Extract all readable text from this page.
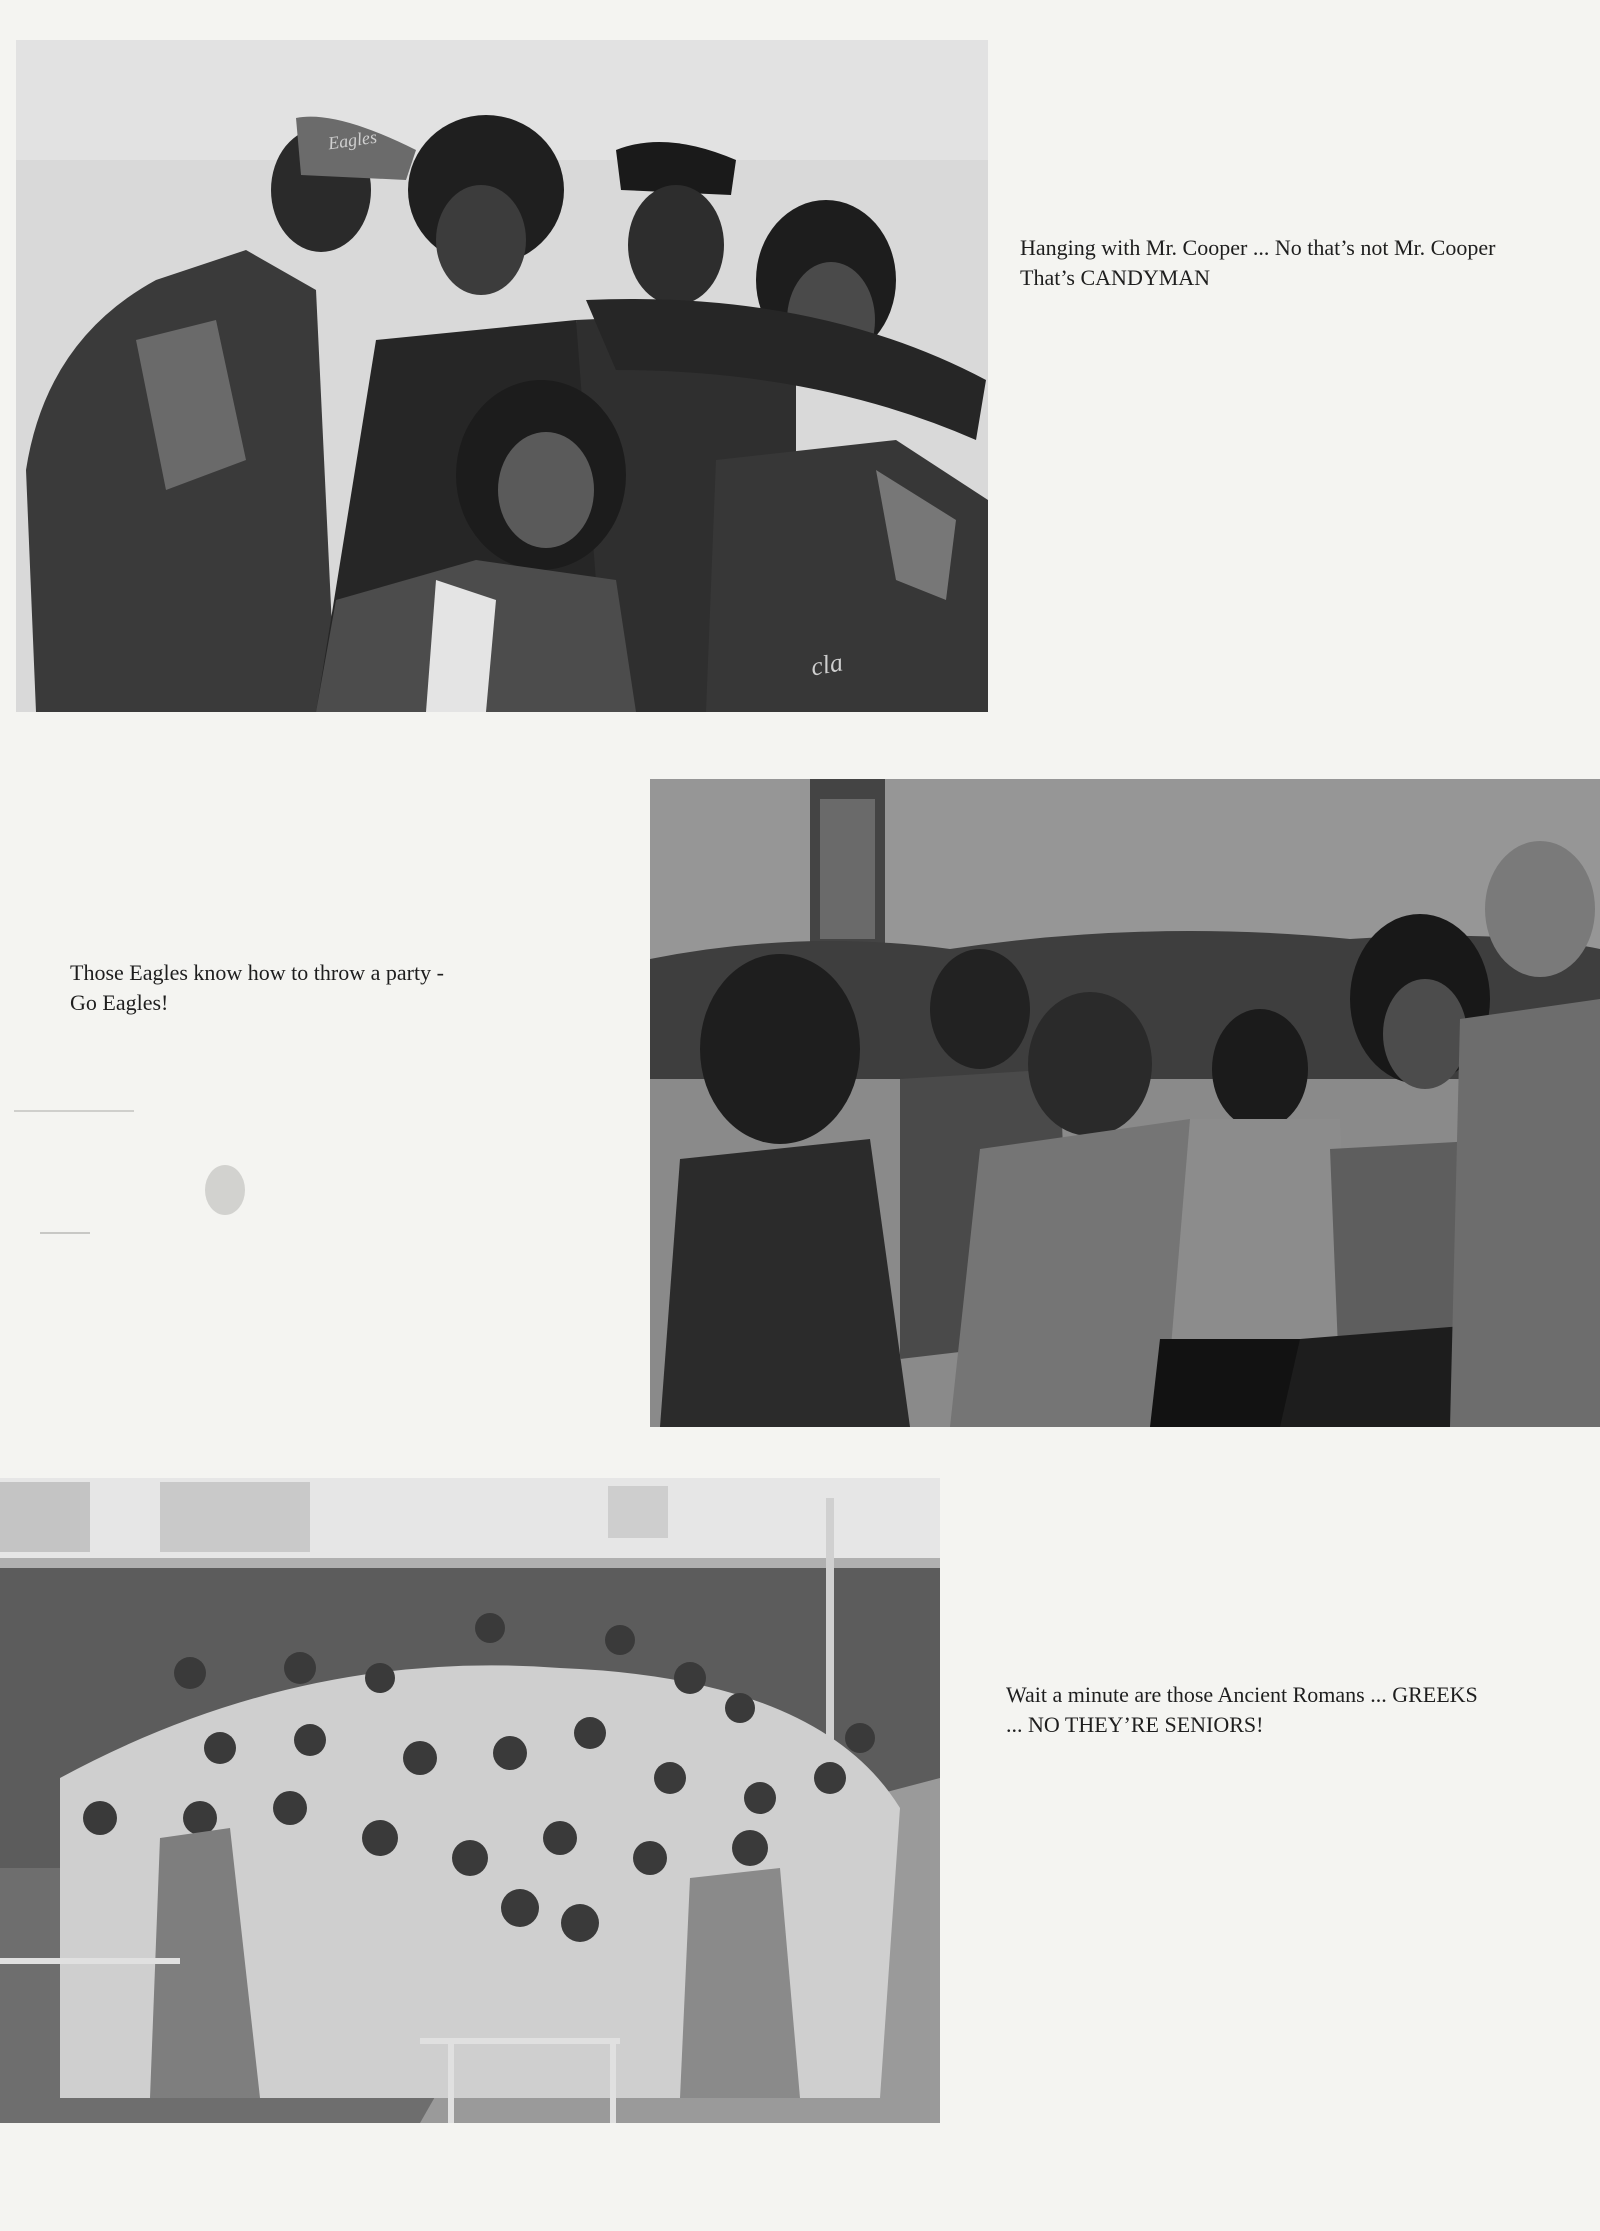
Eagles
cla
Hanging with Mr. Cooper ... No that’s not Mr. Cooper
That’s CANDYMAN
Those Eagles know how to throw a party -
Go Eagles!
Wait a minute are those Ancient Romans ... GREEKS
... NO THEY’RE SENIORS!
